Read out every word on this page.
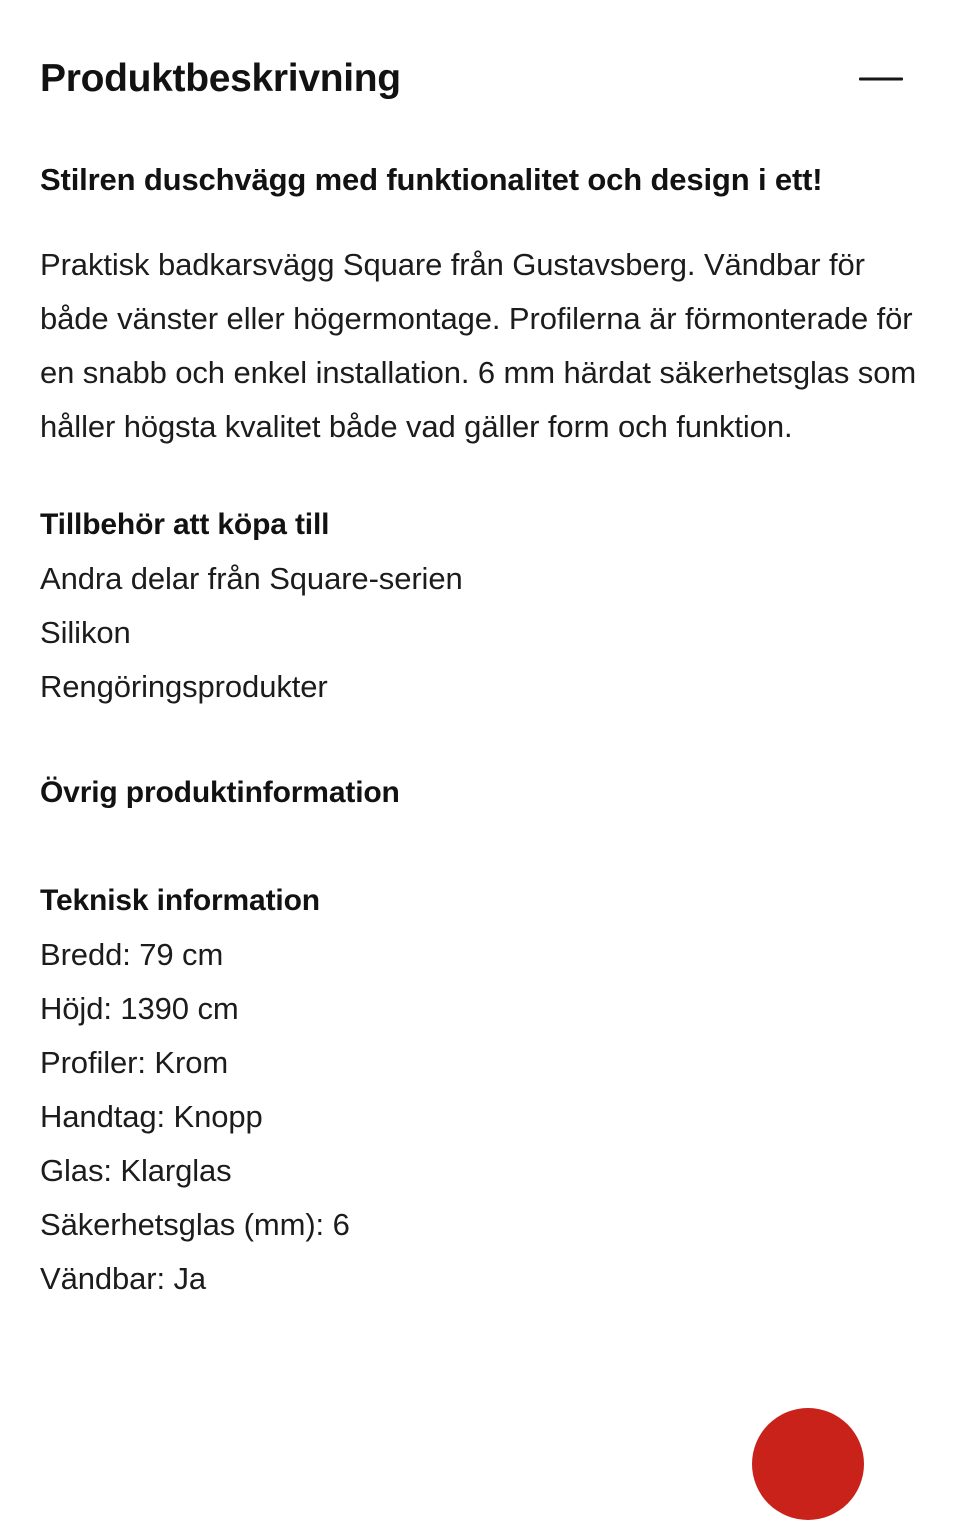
Produktbeskrivning
Stilren duschvägg med funktionalitet och design i ett!

Praktisk badkarsvägg Square från Gustavsberg. Vändbar för både vänster eller högermontage. Profilerna är förmonterade för en snabb och enkel installation. 6 mm härdat säkerhetsglas som håller högsta kvalitet både vad gäller form och funktion.

Tillbehör att köpa till
Andra delar från Square-serien
Silikon
Rengöringsprodukter
Övrig produktinformation
Teknisk information
Bredd: 79 cm
Höjd: 1390 cm
Profiler: Krom
Handtag: Knopp
Glas: Klarglas
Säkerhetsglas (mm): 6
Vändbar: Ja
